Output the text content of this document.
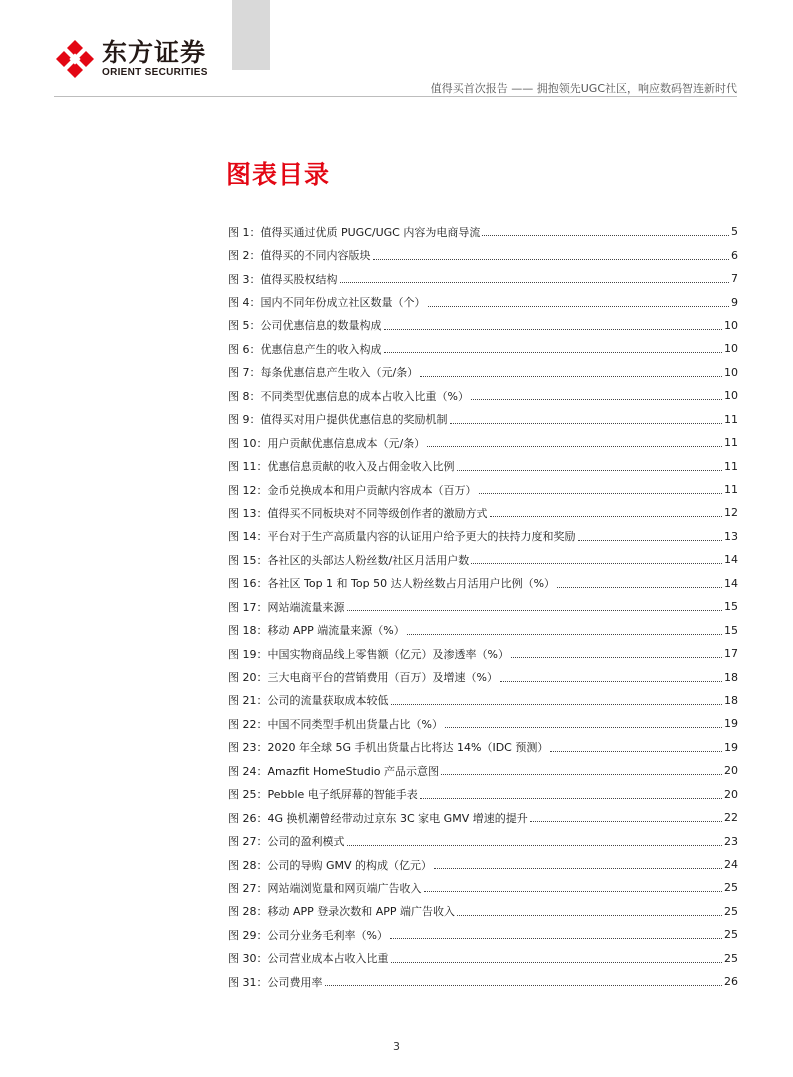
东方证券
ORIENT SECURITIES
值得买首次报告 —— 拥抱领先UGC社区，响应数码智连新时代
图表目录
图 1：值得买通过优质 PUGC/UGC 内容为电商导流	5
图 2：值得买的不同内容版块	6
图 3：值得买股权结构	7
图 4：国内不同年份成立社区数量（个）	9
图 5：公司优惠信息的数量构成	10
图 6：优惠信息产生的收入构成	10
图 7：每条优惠信息产生收入（元/条）	10
图 8：不同类型优惠信息的成本占收入比重（%）	10
图 9：值得买对用户提供优惠信息的奖励机制	11
图 10：用户贡献优惠信息成本（元/条）	11
图 11：优惠信息贡献的收入及占佣金收入比例	11
图 12：金币兑换成本和用户贡献内容成本（百万）	11
图 13：值得买不同板块对不同等级创作者的激励方式	12
图 14：平台对于生产高质量内容的认证用户给予更大的扶持力度和奖励	13
图 15：各社区的头部达人粉丝数/社区月活用户数	14
图 16：各社区 Top 1 和 Top 50 达人粉丝数占月活用户比例（%）	14
图 17：网站端流量来源	15
图 18：移动 APP 端流量来源（%）	15
图 19：中国实物商品线上零售额（亿元）及渗透率（%）	17
图 20：三大电商平台的营销费用（百万）及增速（%）	18
图 21：公司的流量获取成本较低	18
图 22：中国不同类型手机出货量占比（%）	19
图 23：2020 年全球 5G 手机出货量占比将达 14%（IDC 预测）	19
图 24：Amazfit HomeStudio 产品示意图	20
图 25：Pebble 电子纸屏幕的智能手表	20
图 26：4G 换机潮曾经带动过京东 3C 家电 GMV 增速的提升	22
图 27：公司的盈利模式	23
图 28：公司的导购 GMV 的构成（亿元）	24
图 27：网站端浏览量和网页端广告收入	25
图 28：移动 APP 登录次数和 APP 端广告收入	25
图 29：公司分业务毛利率（%）	25
图 30：公司营业成本占收入比重	25
图 31：公司费用率	26
3
